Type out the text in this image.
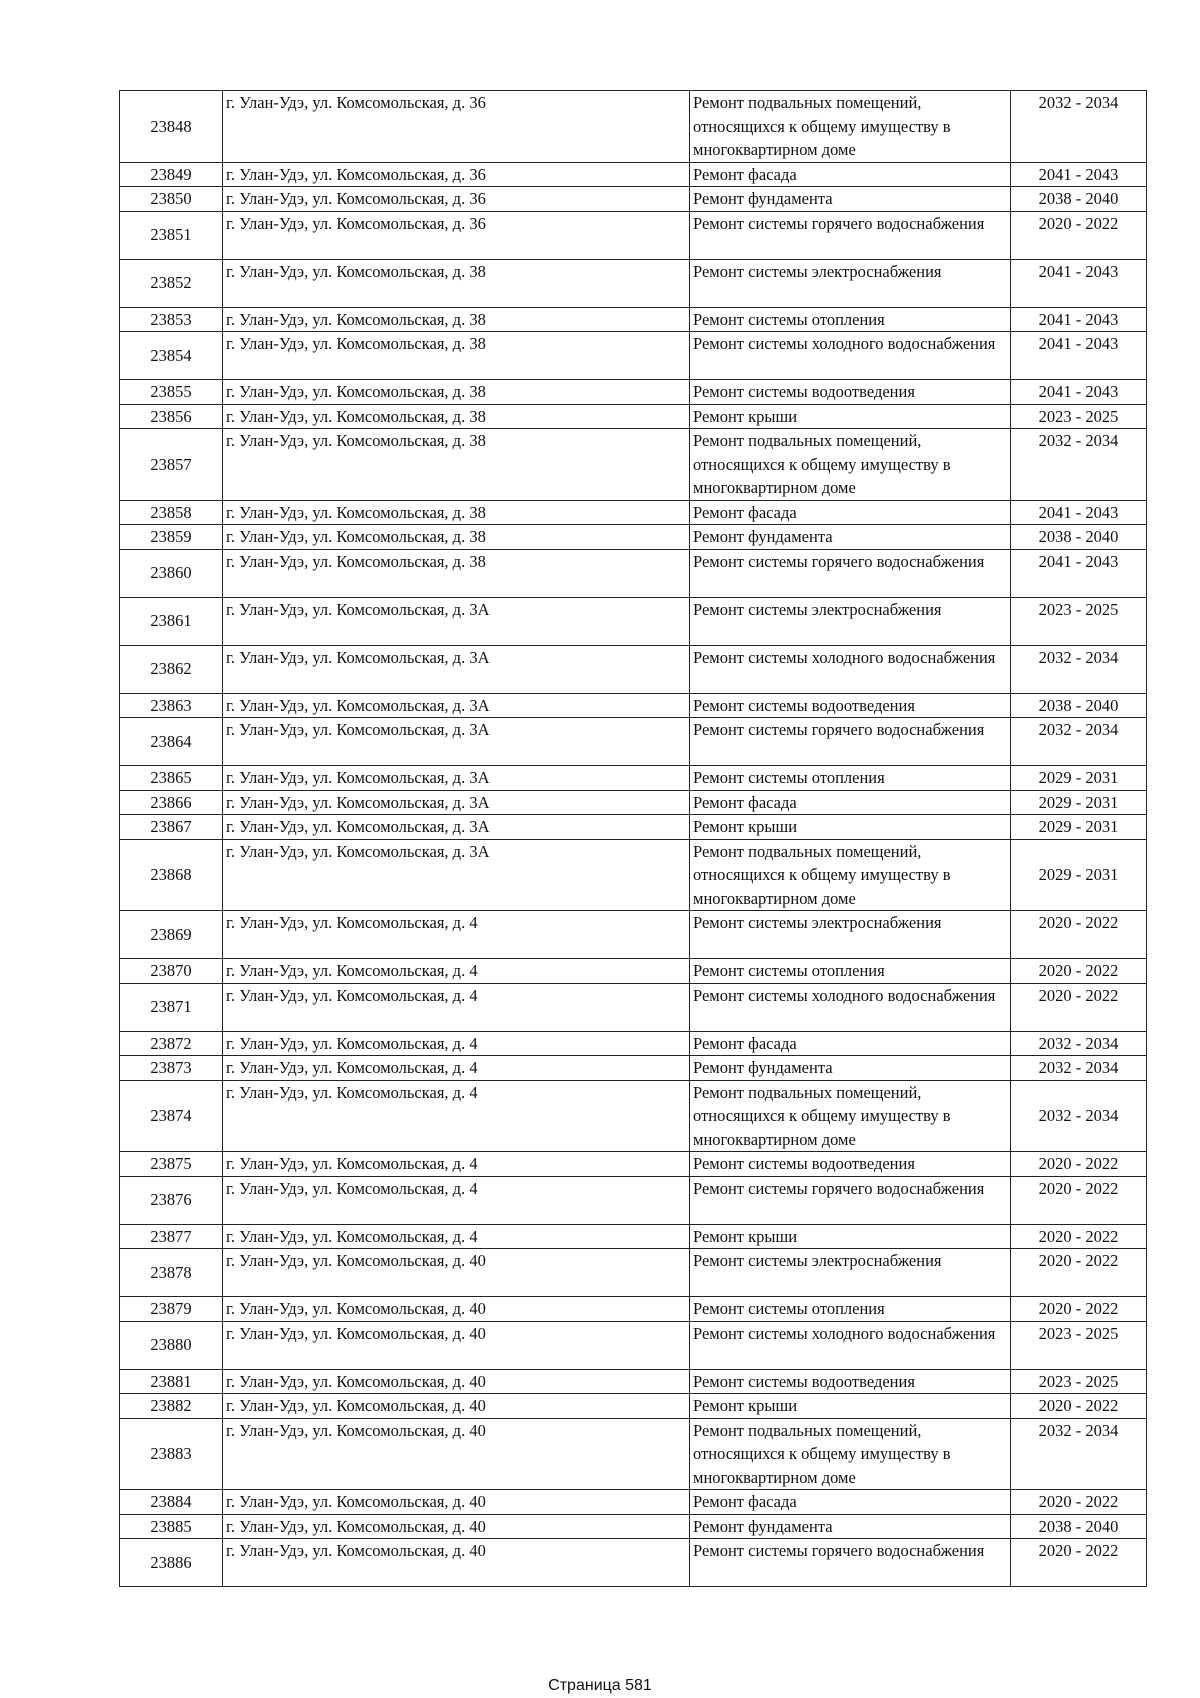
23848	г. Улан-Удэ, ул. Комсомольская, д. 36	Ремонт подвальных помещений, относящихся к общему имуществу в многоквартирном доме	2032 - 2034
23849	г. Улан-Удэ, ул. Комсомольская, д. 36	Ремонт фасада	2041 - 2043
23850	г. Улан-Удэ, ул. Комсомольская, д. 36	Ремонт фундамента	2038 - 2040
23851	г. Улан-Удэ, ул. Комсомольская, д. 36	Ремонт системы горячего водоснабжения	2020 - 2022
23852	г. Улан-Удэ, ул. Комсомольская, д. 38	Ремонт системы электроснабжения	2041 - 2043
23853	г. Улан-Удэ, ул. Комсомольская, д. 38	Ремонт системы отопления	2041 - 2043
23854	г. Улан-Удэ, ул. Комсомольская, д. 38	Ремонт системы холодного водоснабжения	2041 - 2043
23855	г. Улан-Удэ, ул. Комсомольская, д. 38	Ремонт системы водоотведения	2041 - 2043
23856	г. Улан-Удэ, ул. Комсомольская, д. 38	Ремонт крыши	2023 - 2025
23857	г. Улан-Удэ, ул. Комсомольская, д. 38	Ремонт подвальных помещений, относящихся к общему имуществу в многоквартирном доме	2032 - 2034
23858	г. Улан-Удэ, ул. Комсомольская, д. 38	Ремонт фасада	2041 - 2043
23859	г. Улан-Удэ, ул. Комсомольская, д. 38	Ремонт фундамента	2038 - 2040
23860	г. Улан-Удэ, ул. Комсомольская, д. 38	Ремонт системы горячего водоснабжения	2041 - 2043
23861	г. Улан-Удэ, ул. Комсомольская, д. 3А	Ремонт системы электроснабжения	2023 - 2025
23862	г. Улан-Удэ, ул. Комсомольская, д. 3А	Ремонт системы холодного водоснабжения	2032 - 2034
23863	г. Улан-Удэ, ул. Комсомольская, д. 3А	Ремонт системы водоотведения	2038 - 2040
23864	г. Улан-Удэ, ул. Комсомольская, д. 3А	Ремонт системы горячего водоснабжения	2032 - 2034
23865	г. Улан-Удэ, ул. Комсомольская, д. 3А	Ремонт системы отопления	2029 - 2031
23866	г. Улан-Удэ, ул. Комсомольская, д. 3А	Ремонт фасада	2029 - 2031
23867	г. Улан-Удэ, ул. Комсомольская, д. 3А	Ремонт крыши	2029 - 2031
23868	г. Улан-Удэ, ул. Комсомольская, д. 3А	Ремонт подвальных помещений, относящихся к общему имуществу в многоквартирном доме	2029 - 2031
23869	г. Улан-Удэ, ул. Комсомольская, д. 4	Ремонт системы электроснабжения	2020 - 2022
23870	г. Улан-Удэ, ул. Комсомольская, д. 4	Ремонт системы отопления	2020 - 2022
23871	г. Улан-Удэ, ул. Комсомольская, д. 4	Ремонт системы холодного водоснабжения	2020 - 2022
23872	г. Улан-Удэ, ул. Комсомольская, д. 4	Ремонт фасада	2032 - 2034
23873	г. Улан-Удэ, ул. Комсомольская, д. 4	Ремонт фундамента	2032 - 2034
23874	г. Улан-Удэ, ул. Комсомольская, д. 4	Ремонт подвальных помещений, относящихся к общему имуществу в многоквартирном доме	2032 - 2034
23875	г. Улан-Удэ, ул. Комсомольская, д. 4	Ремонт системы водоотведения	2020 - 2022
23876	г. Улан-Удэ, ул. Комсомольская, д. 4	Ремонт системы горячего водоснабжения	2020 - 2022
23877	г. Улан-Удэ, ул. Комсомольская, д. 4	Ремонт крыши	2020 - 2022
23878	г. Улан-Удэ, ул. Комсомольская, д. 40	Ремонт системы электроснабжения	2020 - 2022
23879	г. Улан-Удэ, ул. Комсомольская, д. 40	Ремонт системы отопления	2020 - 2022
23880	г. Улан-Удэ, ул. Комсомольская, д. 40	Ремонт системы холодного водоснабжения	2023 - 2025
23881	г. Улан-Удэ, ул. Комсомольская, д. 40	Ремонт системы водоотведения	2023 - 2025
23882	г. Улан-Удэ, ул. Комсомольская, д. 40	Ремонт крыши	2020 - 2022
23883	г. Улан-Удэ, ул. Комсомольская, д. 40	Ремонт подвальных помещений, относящихся к общему имуществу в многоквартирном доме	2032 - 2034
23884	г. Улан-Удэ, ул. Комсомольская, д. 40	Ремонт фасада	2020 - 2022
23885	г. Улан-Удэ, ул. Комсомольская, д. 40	Ремонт фундамента	2038 - 2040
23886	г. Улан-Удэ, ул. Комсомольская, д. 40	Ремонт системы горячего водоснабжения	2020 - 2022
Страница 581
